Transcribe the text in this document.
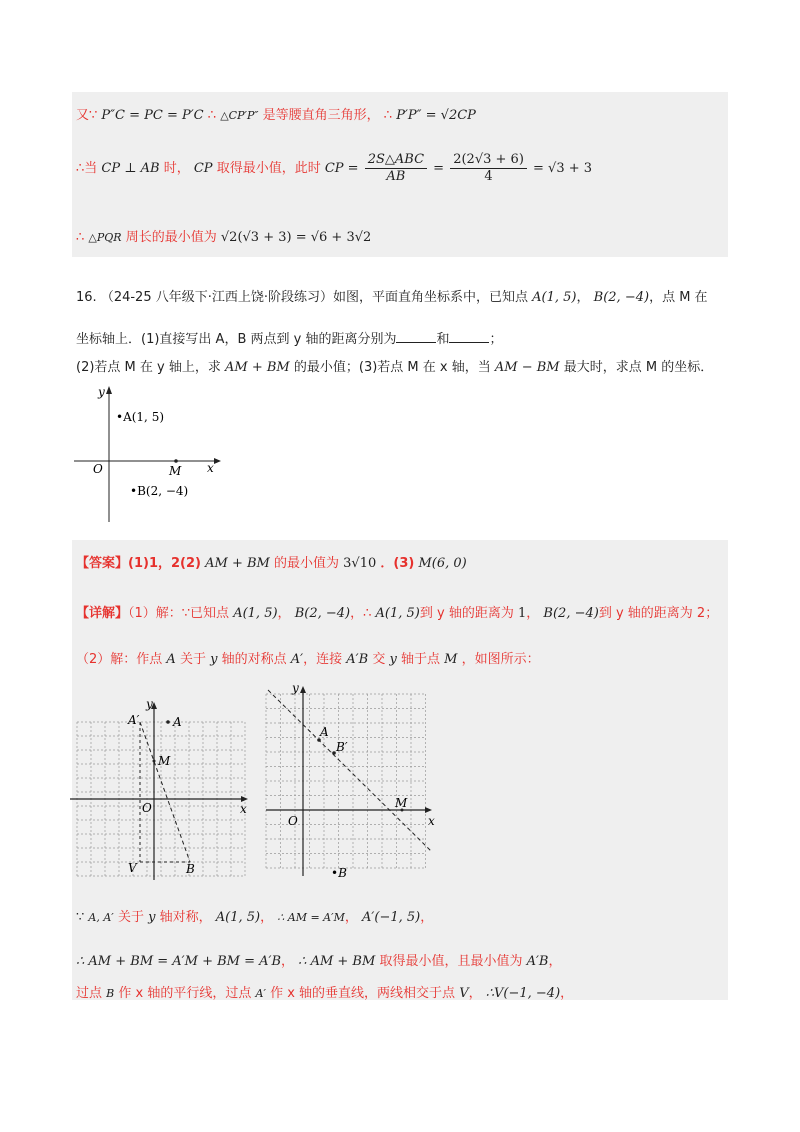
又∵ P″C = PC = P′C ∴ △CP′P″ 是等腰直角三角形， ∴ P′P″ = √2CP
∴当 CP ⊥ AB 时， CP 取得最小值，此时 CP = $\frac{\text{2S△ABC}}{AB} = \frac{2(2√3 + 6)}{4} = √3 + 3$
∴ △PQR 周长的最小值为 √2(√3 + 3) = √6 + 3√2
16. （24-25 八年级下·江西上饶·阶段练习）如图，平面直角坐标系中，已知点 A(1, 5)， B(2, −4)，点 M 在
坐标轴上．(1)直接写出 A，B 两点到 y 轴的距离分别为	和	；
(2)若点 M 在 y 轴上，求 AM + BM 的最小值；(3)若点 M 在 x 轴，当 AM − BM 最大时，求点 M 的坐标．
y
x
O	M
•A(1, 5)
•B(2, −4)
【答案】(1)1，2(2) AM + BM 的最小值为 3√10 ．(3) M(6, 0)
【详解】（1）解：∵已知点 A(1, 5)， B(2, −4)，∴ A(1, 5)到 y 轴的距离为 1， B(2, −4)到 y 轴的距离为 2；
（2）解：作点 A 关于 y 轴的对称点 A′，连接 A′B 交 y 轴于点 M ，如图所示：
y
x
O
A
A′
M
V	B
y
x
O
A
B′
M
•B
∵ A, A′ 关于 y 轴对称， A(1, 5)， ∴ AM = A′M， A′(−1, 5)，
∴ AM + BM = A′M + BM = A′B， ∴ AM + BM 取得最小值，且最小值为 A′B，
过点 B 作 x 轴的平行线，过点 A′ 作 x 轴的垂直线，两线相交于点 V， ∴V(−1, −4)，
